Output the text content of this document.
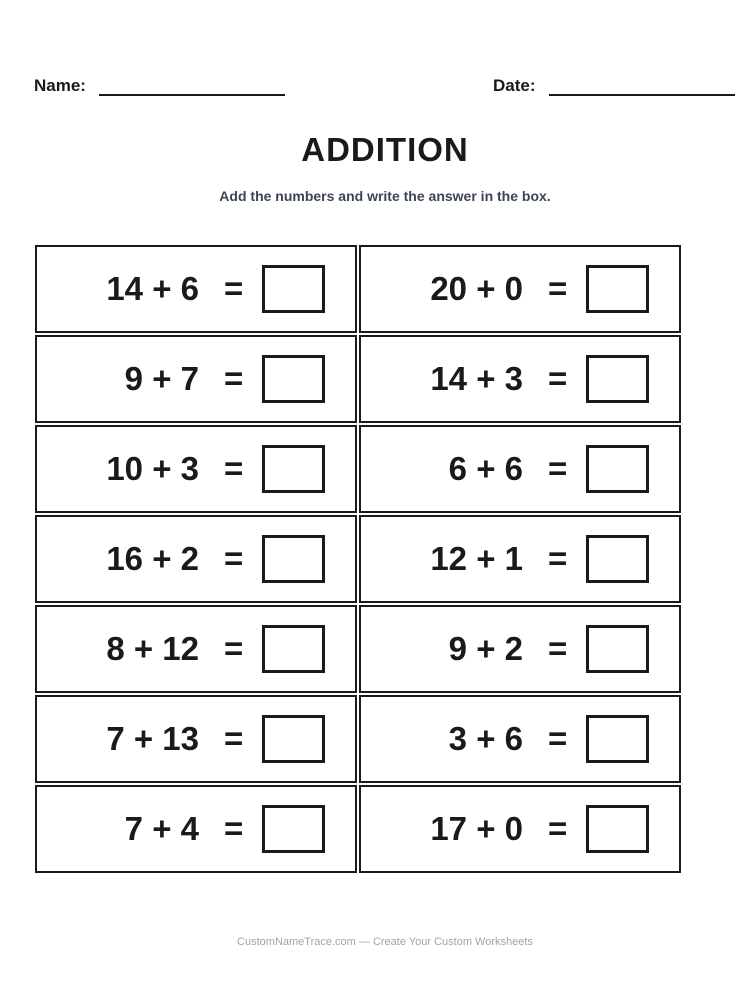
Name:	Date:
ADDITION
Add the numbers and write the answer in the box.
14 + 6 =	20 + 0 =
9 + 7 =	14 + 3 =
10 + 3 =	6 + 6 =
16 + 2 =	12 + 1 =
8 + 12 =	9 + 2 =
7 + 13 =	3 + 6 =
7 + 4 =	17 + 0 =
CustomNameTrace.com — Create Your Custom Worksheets
